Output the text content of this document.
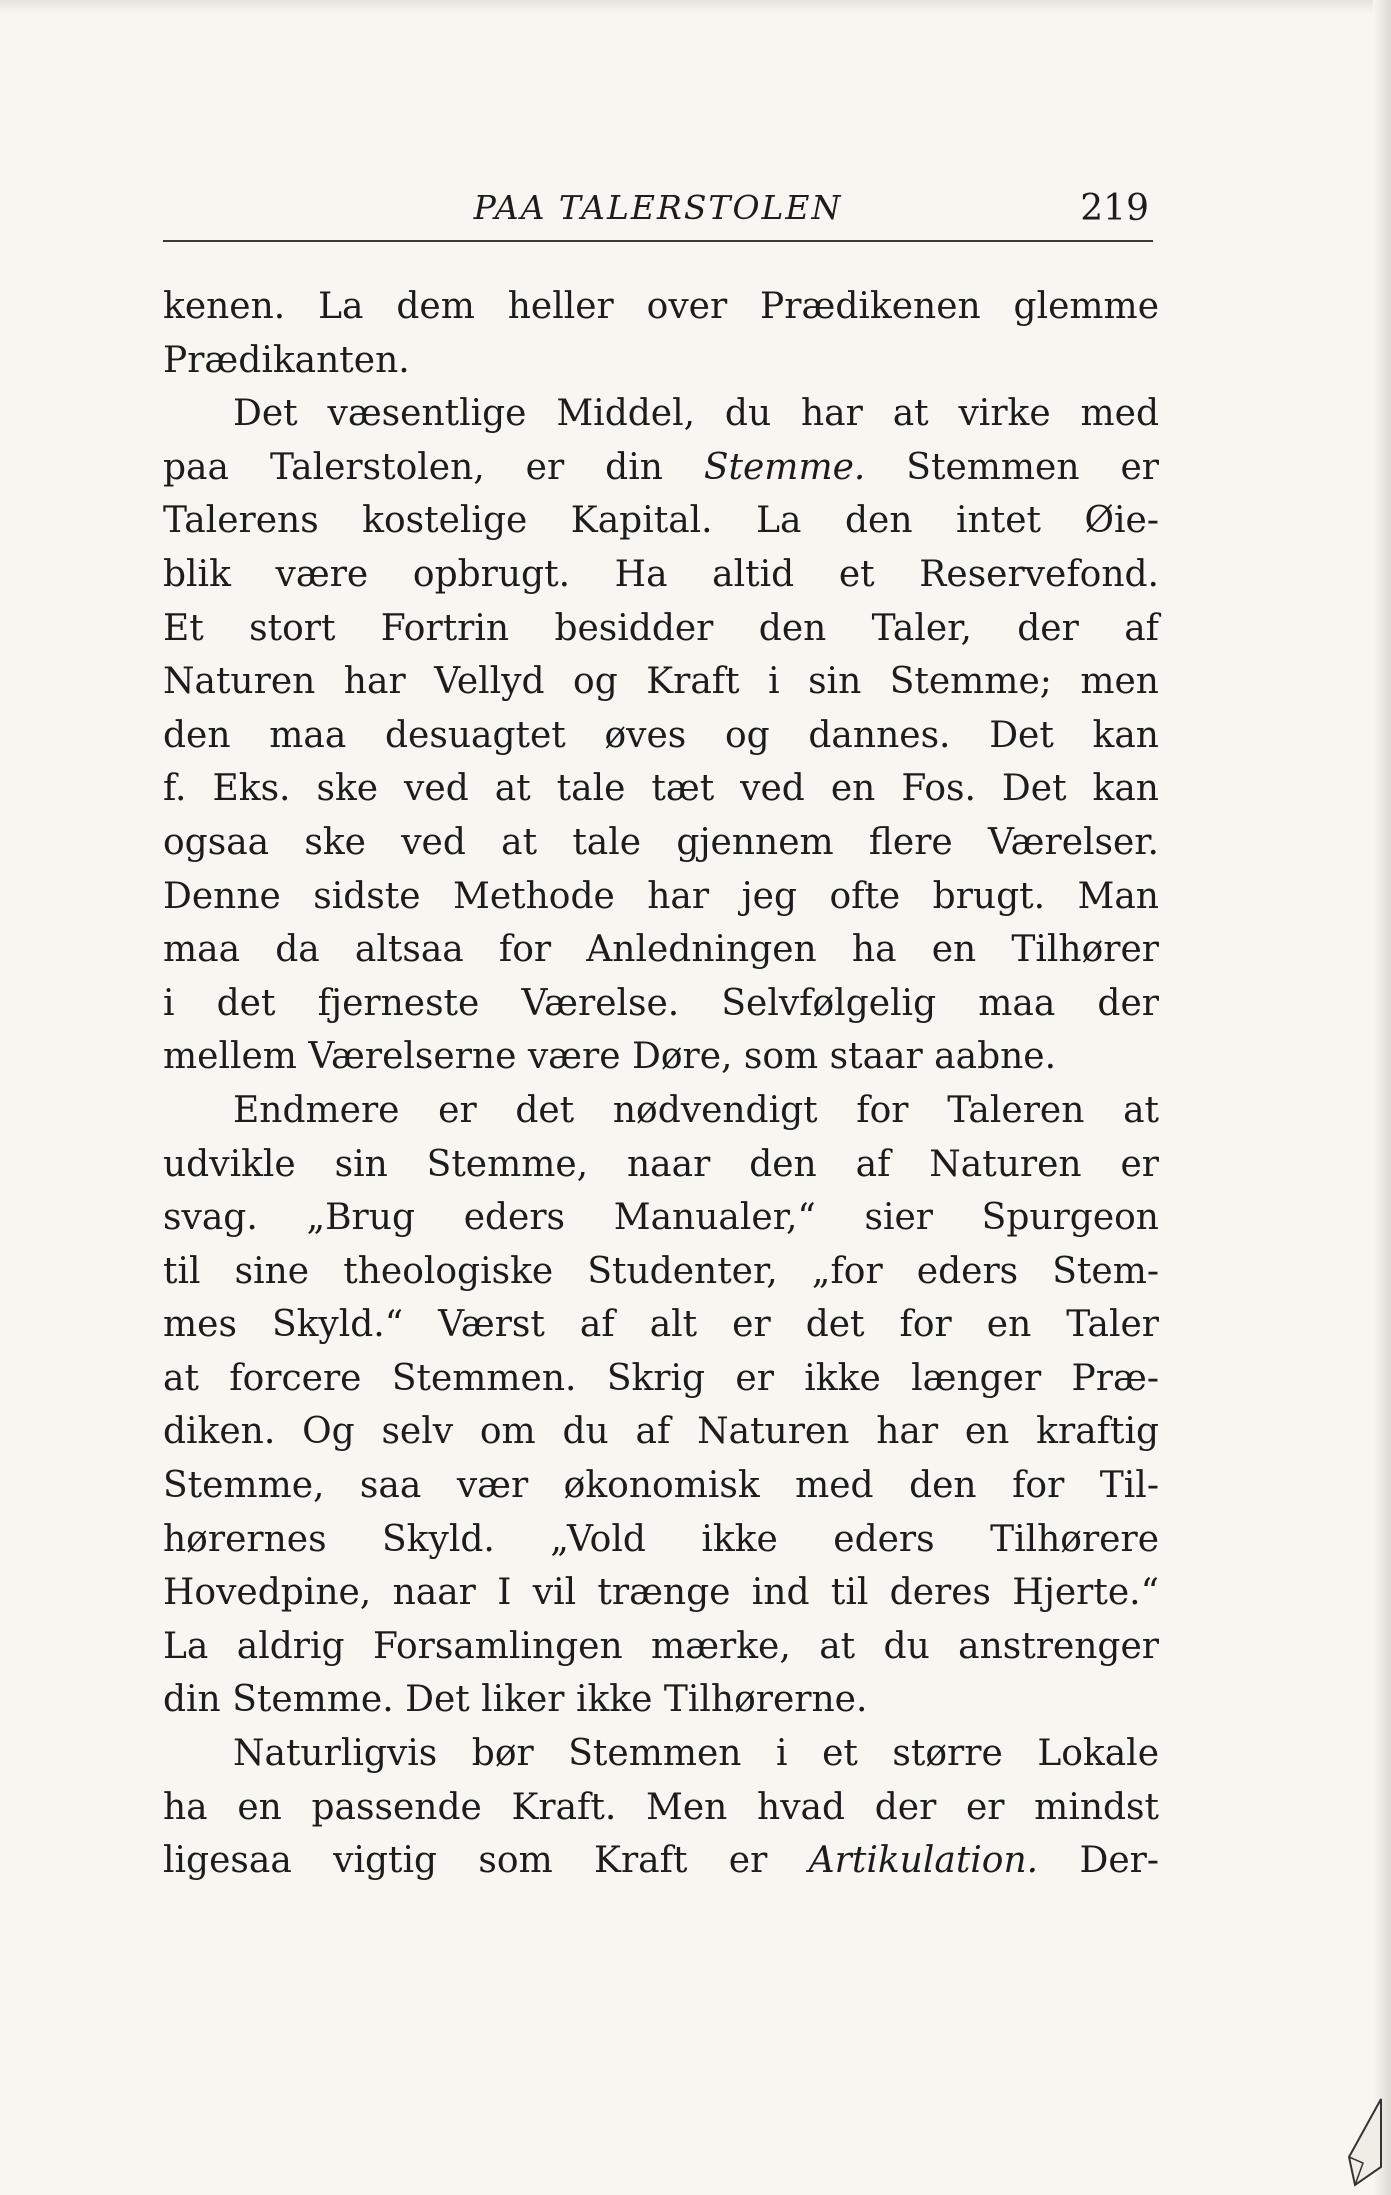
PAA TALERSTOLEN	219
kenen. La dem heller over Prædikenen glemme
Prædikanten.
Det væsentlige Middel, du har at virke med
paa Talerstolen, er din Stemme. Stemmen er
Talerens kostelige Kapital. La den intet Øie-
blik være opbrugt. Ha altid et Reservefond.
Et stort Fortrin besidder den Taler, der af
Naturen har Vellyd og Kraft i sin Stemme; men
den maa desuagtet øves og dannes. Det kan
f. Eks. ske ved at tale tæt ved en Fos. Det kan
ogsaa ske ved at tale gjennem flere Værelser.
Denne sidste Methode har jeg ofte brugt. Man
maa da altsaa for Anledningen ha en Tilhører
i det fjerneste Værelse. Selvfølgelig maa der
mellem Værelserne være Døre, som staar aabne.
Endmere er det nødvendigt for Taleren at
udvikle sin Stemme, naar den af Naturen er
svag. „Brug eders Manualer,“ sier Spurgeon
til sine theologiske Studenter, „for eders Stem-
mes Skyld.“ Værst af alt er det for en Taler
at forcere Stemmen. Skrig er ikke længer Præ-
diken. Og selv om du af Naturen har en kraftig
Stemme, saa vær økonomisk med den for Til-
hørernes Skyld. „Vold ikke eders Tilhørere
Hovedpine, naar I vil trænge ind til deres Hjerte.“
La aldrig Forsamlingen mærke, at du anstrenger
din Stemme. Det liker ikke Tilhørerne.
Naturligvis bør Stemmen i et større Lokale
ha en passende Kraft. Men hvad der er mindst
ligesaa vigtig som Kraft er Artikulation. Der-
